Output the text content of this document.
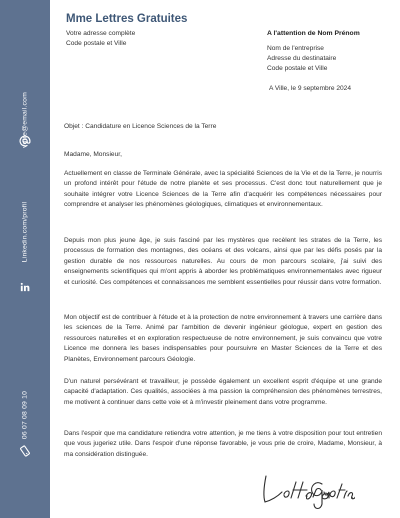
votre@email.com
Linkedin.com/profil
06 07 08 09 10
Mme Lettres Gratuites
Votre adresse complète
Code postale et Ville
A l'attention de Nom Prénom
Nom de l'entreprise
Adresse du destinataire
Code postale et Ville
A Ville, le 9 septembre 2024
Objet : Candidature en Licence Sciences de la Terre
Madame, Monsieur,

Actuellement en classe de Terminale Générale, avec la spécialité Sciences de la Vie et de la Terre, je nourris un profond intérêt pour l'étude de notre planète et ses processus. C'est donc tout naturellement que je souhaite intégrer votre Licence Sciences de la Terre afin d'acquérir les compétences nécessaires pour comprendre et analyser les phénomènes géologiques, climatiques et environnementaux.

Depuis mon plus jeune âge, je suis fasciné par les mystères que recèlent les strates de la Terre, les processus de formation des montagnes, des océans et des volcans, ainsi que par les défis posés par la gestion durable de nos ressources naturelles. Au cours de mon parcours scolaire, j'ai suivi des enseignements scientifiques qui m'ont appris à aborder les problématiques environnementales avec rigueur et curiosité. Ces compétences et connaissances me semblent essentielles pour réussir dans votre formation.

Mon objectif est de contribuer à l'étude et à la protection de notre environnement à travers une carrière dans les sciences de la Terre. Animé par l'ambition de devenir ingénieur géologue, expert en gestion des ressources naturelles et en exploration respectueuse de notre environnement, je suis convaincu que votre Licence me donnera les bases indispensables pour poursuivre en Master Sciences de la Terre et des Planètes, Environnement parcours Géologie.

D'un naturel persévérant et travailleur, je possède également un excellent esprit d'équipe et une grande capacité d'adaptation. Ces qualités, associées à ma passion la compréhension des phénomènes terrestres, me motivent à continuer dans cette voie et à m'investir pleinement dans votre programme.

Dans l'espoir que ma candidature retiendra votre attention, je me tiens à votre disposition pour tout entretien que vous jugeriez utile. Dans l'espoir d'une réponse favorable, je vous prie de croire, Madame, Monsieur, à ma considération distinguée.
